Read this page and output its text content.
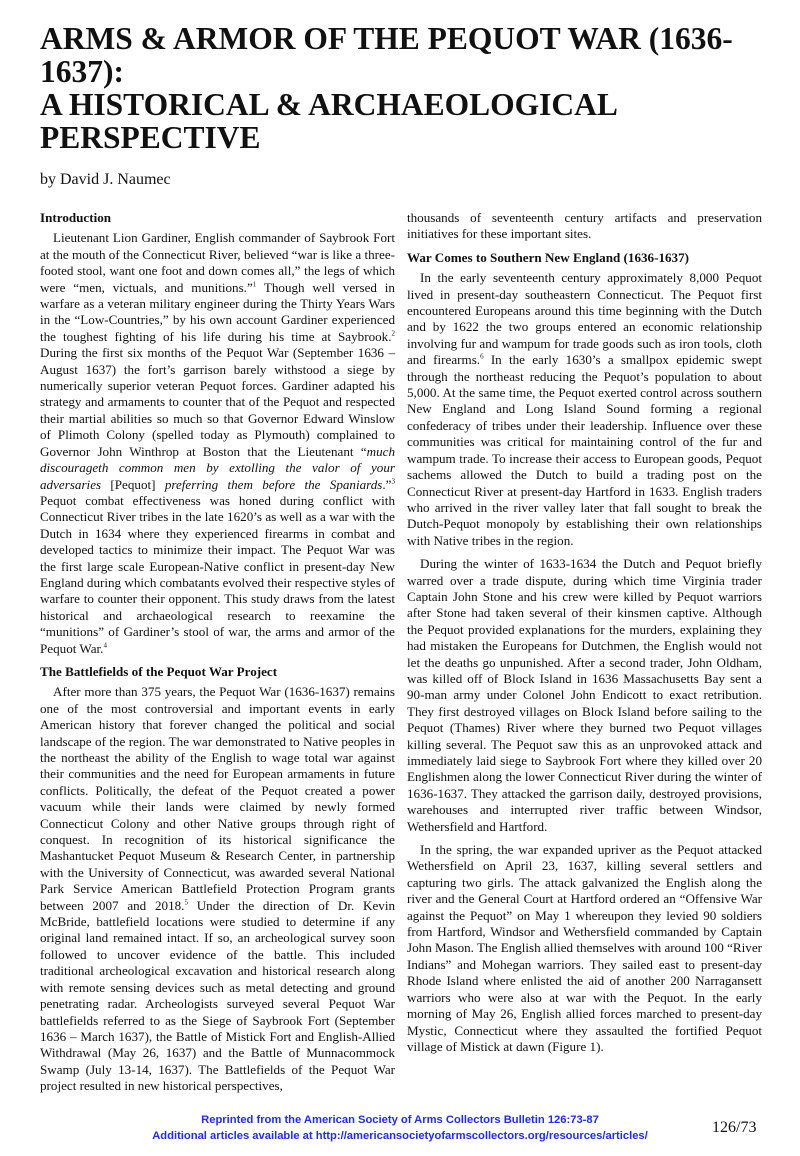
ARMS & ARMOR OF THE PEQUOT WAR (1636-1637):
A HISTORICAL & ARCHAEOLOGICAL PERSPECTIVE
by David J. Naumec
Introduction

Lieutenant Lion Gardiner, English commander of Saybrook Fort at the mouth of the Connecticut River, believed “war is like a three-footed stool, want one foot and down comes all,” the legs of which were “men, victuals, and munitions.”$^1$ Though well versed in warfare as a veteran military engineer during the Thirty Years Wars in the “Low-Countries,” by his own account Gardiner experienced the toughest fighting of his life during his time at Saybrook.$^2$ During the first six months of the Pequot War (September 1636 – August 1637) the fort’s garrison barely withstood a siege by numerically superior veteran Pequot forces. Gardiner adapted his strategy and armaments to counter that of the Pequot and respected their martial abilities so much so that Governor Edward Winslow of Plimoth Colony (spelled today as Plymouth) complained to Governor John Winthrop at Boston that the Lieutenant “much discourageth common men by extolling the valor of your adversaries [Pequot] preferring them before the Spaniards.”$^3$ Pequot combat effectiveness was honed during conflict with Connecticut River tribes in the late 1620’s as well as a war with the Dutch in 1634 where they experienced firearms in combat and developed tactics to minimize their impact. The Pequot War was the first large scale European-Native conflict in present-day New England during which combatants evolved their respective styles of warfare to counter their opponent. This study draws from the latest historical and archaeological research to reexamine the “munitions” of Gardiner’s stool of war, the arms and armor of the Pequot War.$^4$

The Battlefields of the Pequot War Project

After more than 375 years, the Pequot War (1636-1637) remains one of the most controversial and important events in early American history that forever changed the political and social landscape of the region. The war demonstrated to Native peoples in the northeast the ability of the English to wage total war against their communities and the need for European armaments in future conflicts. Politically, the defeat of the Pequot created a power vacuum while their lands were claimed by newly formed Connecticut Colony and other Native groups through right of conquest. In recognition of its historical significance the Mashantucket Pequot Museum & Research Center, in partnership with the University of Connecticut, was awarded several National Park Service American Battlefield Protection Program grants between 2007 and 2018.$^5$ Under the direction of Dr. Kevin McBride, battlefield locations were studied to determine if any original land remained intact. If so, an archeological survey soon followed to uncover evidence of the battle. This included traditional archeological excavation and historical research along with remote sensing devices such as metal detecting and ground penetrating radar. Archeologists surveyed several Pequot War battlefields referred to as the Siege of Saybrook Fort (September 1636 – March 1637), the Battle of Mistick Fort and English-Allied Withdrawal (May 26, 1637) and the Battle of Munnacommock Swamp (July 13-14, 1637). The Battlefields of the Pequot War project resulted in new historical perspectives,

thousands of seventeenth century artifacts and preservation initiatives for these important sites.

War Comes to Southern New England (1636-1637)

In the early seventeenth century approximately 8,000 Pequot lived in present-day southeastern Connecticut. The Pequot first encountered Europeans around this time beginning with the Dutch and by 1622 the two groups entered an economic relationship involving fur and wampum for trade goods such as iron tools, cloth and firearms.$^6$ In the early 1630’s a smallpox epidemic swept through the northeast reducing the Pequot’s population to about 5,000. At the same time, the Pequot exerted control across southern New England and Long Island Sound forming a regional confederacy of tribes under their leadership. Influence over these communities was critical for maintaining control of the fur and wampum trade. To increase their access to European goods, Pequot sachems allowed the Dutch to build a trading post on the Connecticut River at present-day Hartford in 1633. English traders who arrived in the river valley later that fall sought to break the Dutch-Pequot monopoly by establishing their own relationships with Native tribes in the region.

During the winter of 1633-1634 the Dutch and Pequot briefly warred over a trade dispute, during which time Virginia trader Captain John Stone and his crew were killed by Pequot warriors after Stone had taken several of their kinsmen captive. Although the Pequot provided explanations for the murders, explaining they had mistaken the Europeans for Dutchmen, the English would not let the deaths go unpunished. After a second trader, John Oldham, was killed off of Block Island in 1636 Massachusetts Bay sent a 90-man army under Colonel John Endicott to exact retribution. They first destroyed villages on Block Island before sailing to the Pequot (Thames) River where they burned two Pequot villages killing several. The Pequot saw this as an unprovoked attack and immediately laid siege to Saybrook Fort where they killed over 20 Englishmen along the lower Connecticut River during the winter of 1636-1637. They attacked the garrison daily, destroyed provisions, warehouses and interrupted river traffic between Windsor, Wethersfield and Hartford.

In the spring, the war expanded upriver as the Pequot attacked Wethersfield on April 23, 1637, killing several settlers and capturing two girls. The attack galvanized the English along the river and the General Court at Hartford ordered an “Offensive War against the Pequot” on May 1 whereupon they levied 90 soldiers from Hartford, Windsor and Wethersfield commanded by Captain John Mason. The English allied themselves with around 100 “River Indians” and Mohegan warriors. They sailed east to present-day Rhode Island where enlisted the aid of another 200 Narragansett warriors who were also at war with the Pequot. In the early morning of May 26, English allied forces marched to present-day Mystic, Connecticut where they assaulted the fortified Pequot village of Mistick at dawn (Figure 1).

Reprinted from the American Society of Arms Collectors Bulletin 126:73-87
Additional articles available at http://americansocietyofarmscollectors.org/resources/articles/	126/73
